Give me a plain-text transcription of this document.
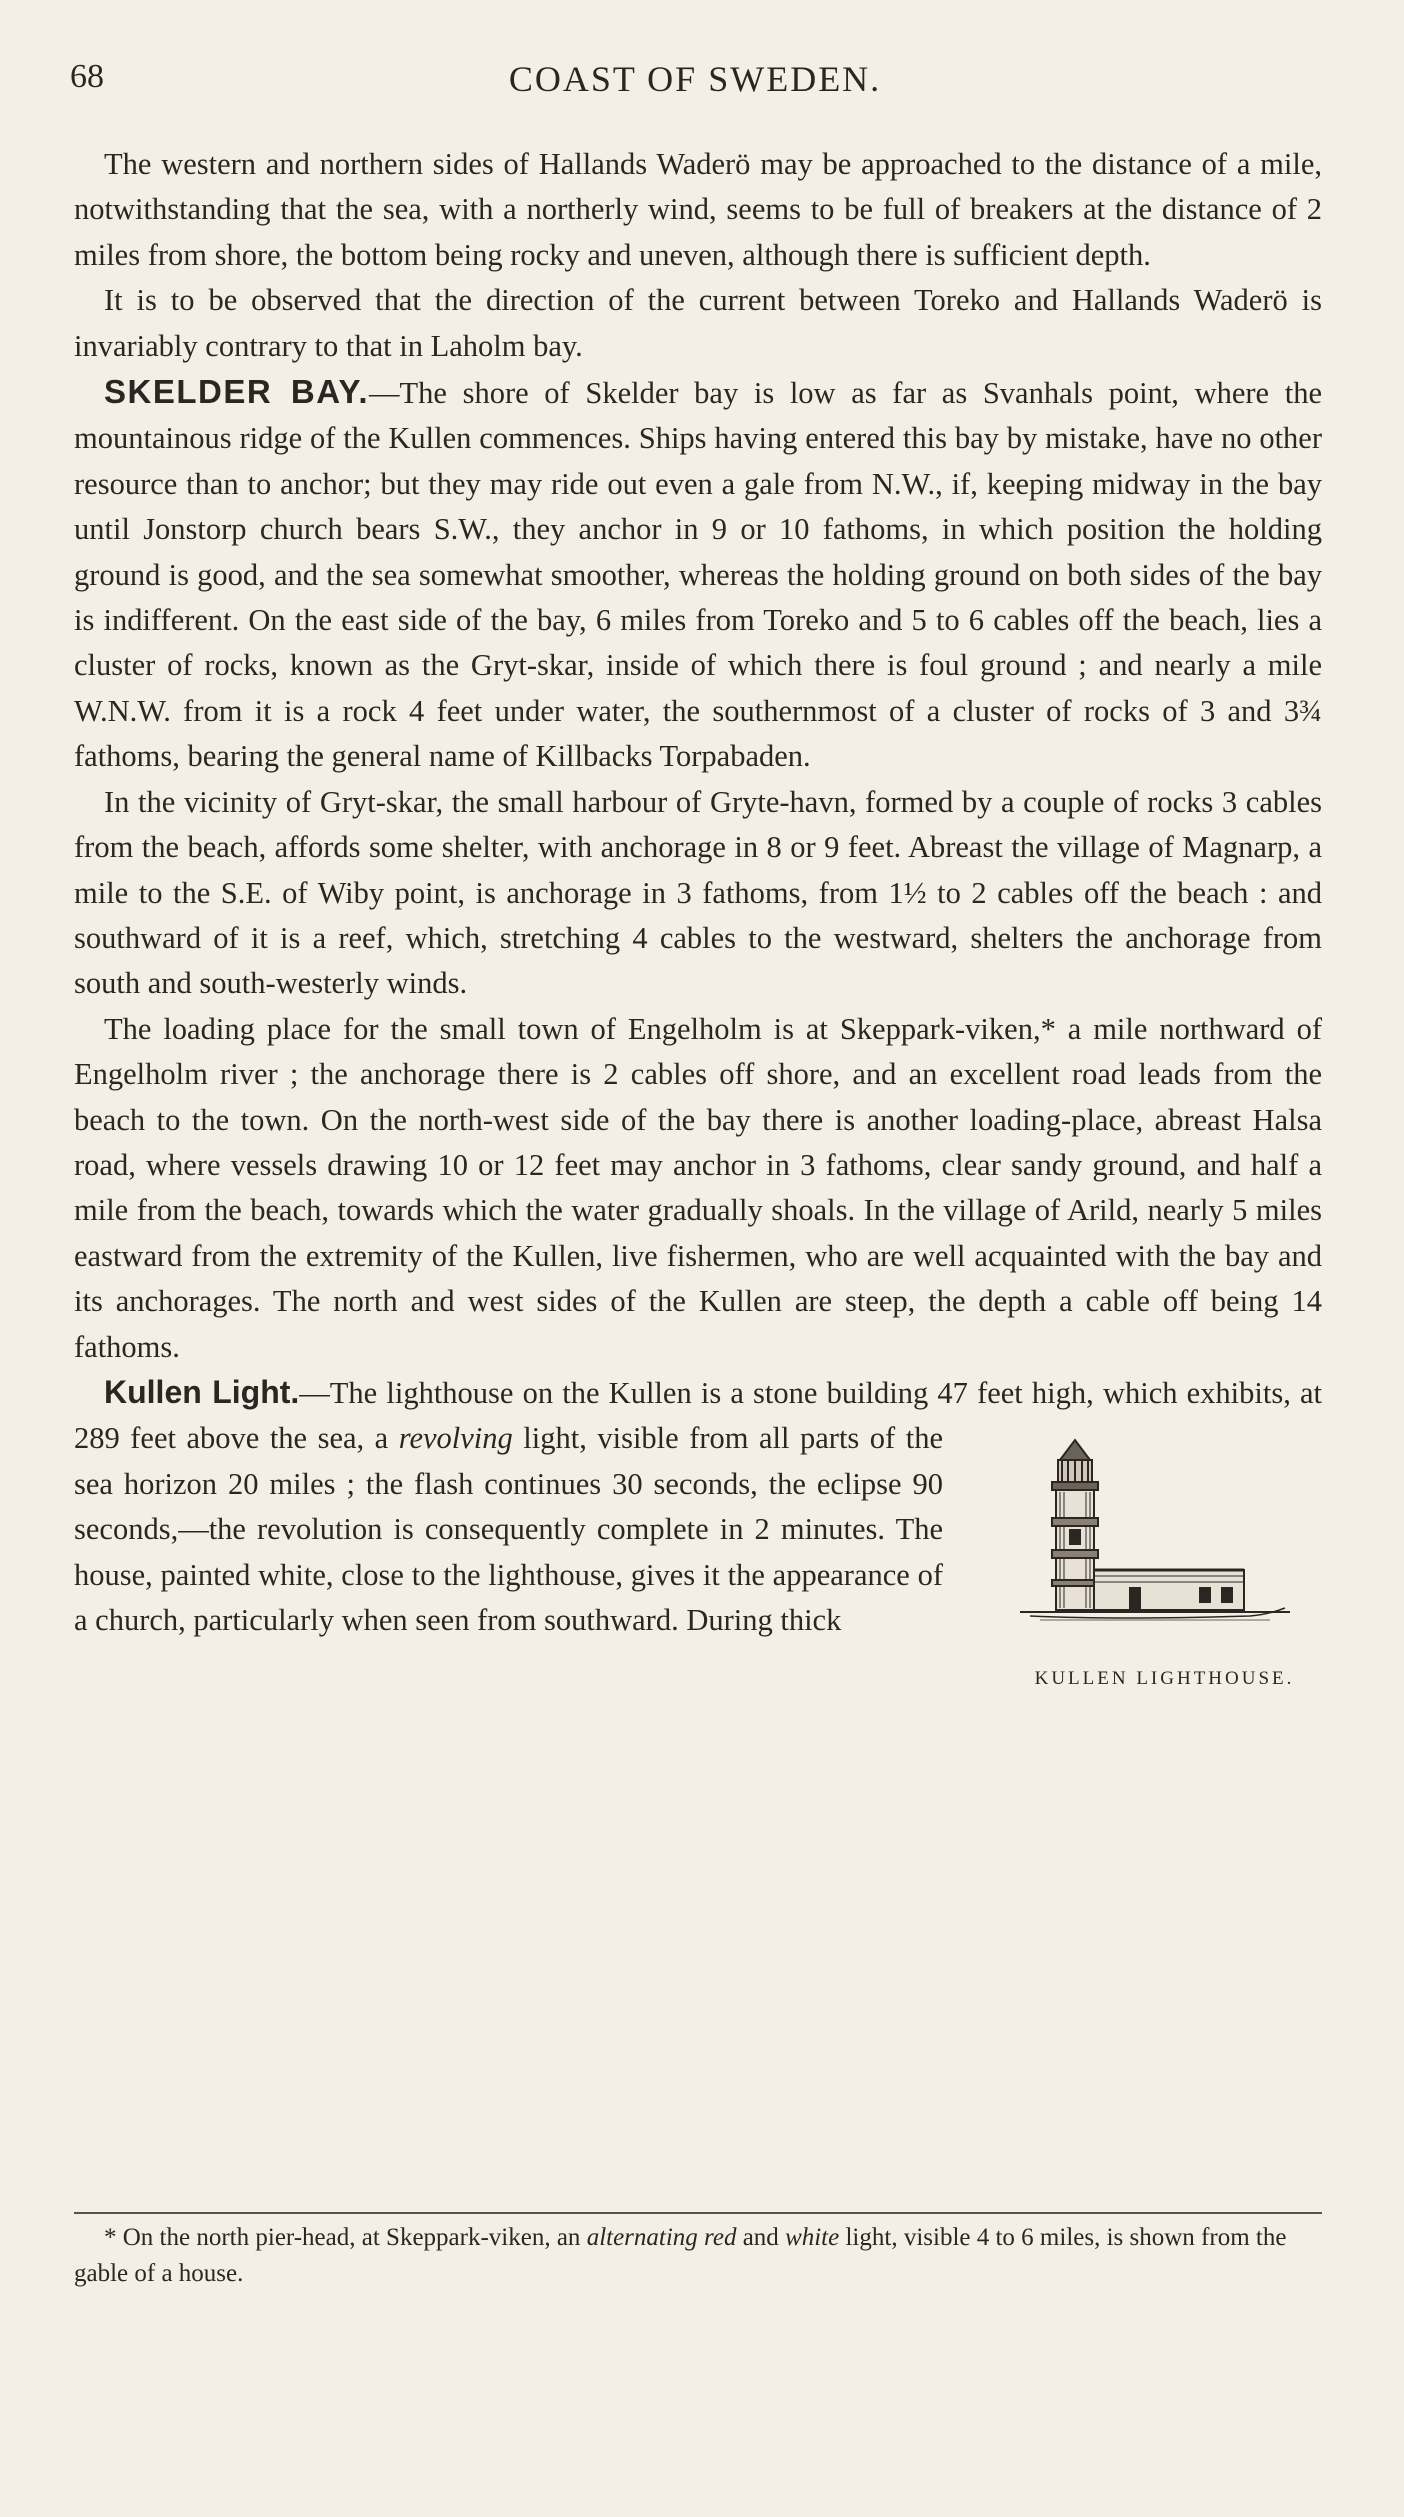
68	COAST OF SWEDEN.

The western and northern sides of Hallands Waderö may be approached to the distance of a mile, notwithstanding that the sea, with a northerly wind, seems to be full of breakers at the distance of 2 miles from shore, the bottom being rocky and uneven, although there is sufficient depth.

It is to be observed that the direction of the current between Toreko and Hallands Waderö is invariably contrary to that in Laholm bay.

SKELDER BAY.—The shore of Skelder bay is low as far as Svanhals point, where the mountainous ridge of the Kullen commences. Ships having entered this bay by mistake, have no other resource than to anchor; but they may ride out even a gale from N.W., if, keeping midway in the bay until Jonstorp church bears S.W., they anchor in 9 or 10 fathoms, in which position the holding ground is good, and the sea somewhat smoother, whereas the holding ground on both sides of the bay is indifferent. On the east side of the bay, 6 miles from Toreko and 5 to 6 cables off the beach, lies a cluster of rocks, known as the Gryt-skar, inside of which there is foul ground ; and nearly a mile W.N.W. from it is a rock 4 feet under water, the southernmost of a cluster of rocks of 3 and 3¾ fathoms, bearing the general name of Killbacks Torpabaden.

In the vicinity of Gryt-skar, the small harbour of Gryte-havn, formed by a couple of rocks 3 cables from the beach, affords some shelter, with anchorage in 8 or 9 feet. Abreast the village of Magnarp, a mile to the S.E. of Wiby point, is anchorage in 3 fathoms, from 1½ to 2 cables off the beach : and southward of it is a reef, which, stretching 4 cables to the westward, shelters the anchorage from south and south-westerly winds.

The loading place for the small town of Engelholm is at Skeppark-viken,* a mile northward of Engelholm river ; the anchorage there is 2 cables off shore, and an excellent road leads from the beach to the town. On the north-west side of the bay there is another loading-place, abreast Halsa road, where vessels drawing 10 or 12 feet may anchor in 3 fathoms, clear sandy ground, and half a mile from the beach, towards which the water gradually shoals. In the village of Arild, nearly 5 miles eastward from the extremity of the Kullen, live fishermen, who are well acquainted with the bay and its anchorages. The north and west sides of the Kullen are steep, the depth a cable off being 14 fathoms.

Kullen Light.—The lighthouse on the Kullen is a stone building 47 feet high, which exhibits, at 289 feet above the sea, a
KULLEN LIGHTHOUSE.
revolving light, visible from all parts of the sea horizon 20 miles ; the flash continues 30 seconds, the eclipse 90 seconds,—the revolution is consequently complete in 2 minutes. The house, painted white, close to the lighthouse, gives it the appearance of a church, particularly when seen from southward. During thick

* On the north pier-head, at Skeppark-viken, an alternating red and white light, visible 4 to 6 miles, is shown from the gable of a house.
